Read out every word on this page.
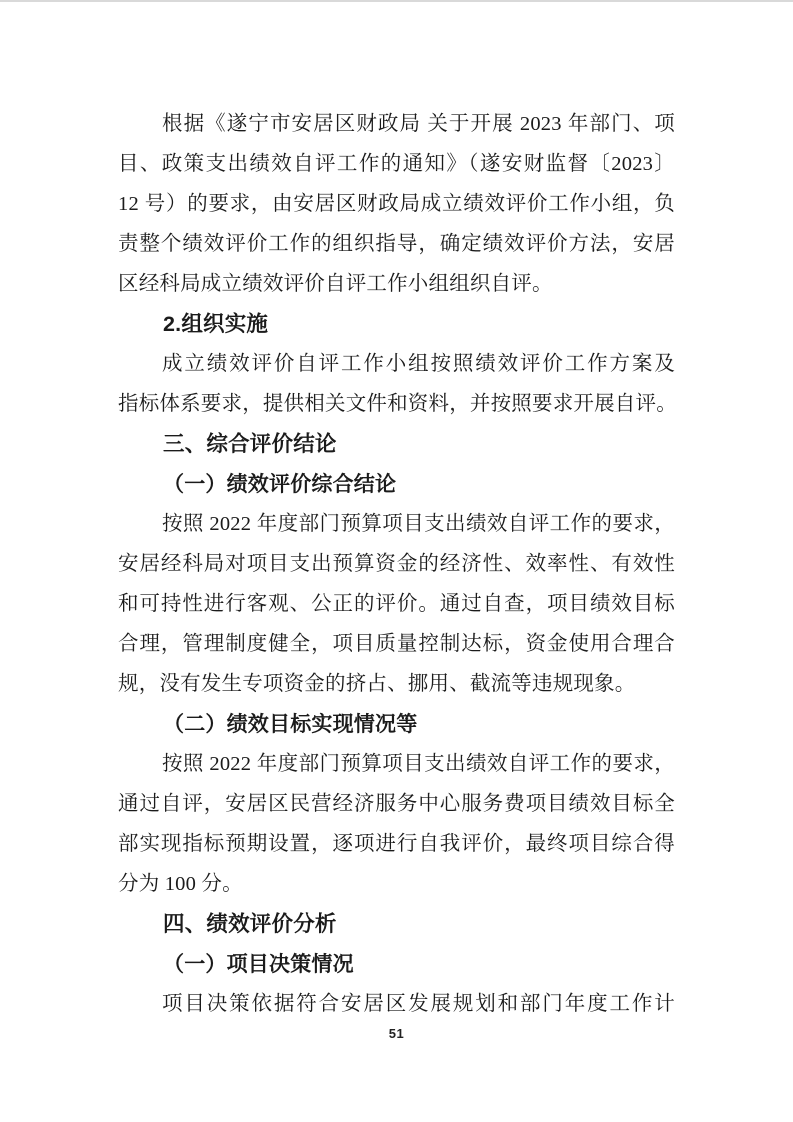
根据《遂宁市安居区财政局 关于开展 2023 年部门、项
目、政策支出绩效自评工作的通知》（遂安财监督〔2023〕
12 号）的要求，由安居区财政局成立绩效评价工作小组，负
责整个绩效评价工作的组织指导，确定绩效评价方法，安居
区经科局成立绩效评价自评工作小组组织自评。
2.组织实施
成立绩效评价自评工作小组按照绩效评价工作方案及
指标体系要求，提供相关文件和资料，并按照要求开展自评。
三、综合评价结论
（一）绩效评价综合结论
按照 2022 年度部门预算项目支出绩效自评工作的要求，
安居经科局对项目支出预算资金的经济性、效率性、有效性
和可持性进行客观、公正的评价。通过自查，项目绩效目标
合理，管理制度健全，项目质量控制达标，资金使用合理合
规，没有发生专项资金的挤占、挪用、截流等违规现象。
（二）绩效目标实现情况等
按照 2022 年度部门预算项目支出绩效自评工作的要求，
通过自评，安居区民营经济服务中心服务费项目绩效目标全
部实现指标预期设置，逐项进行自我评价，最终项目综合得
分为 100 分。
四、绩效评价分析
（一）项目决策情况
项目决策依据符合安居区发展规划和部门年度工作计
51
